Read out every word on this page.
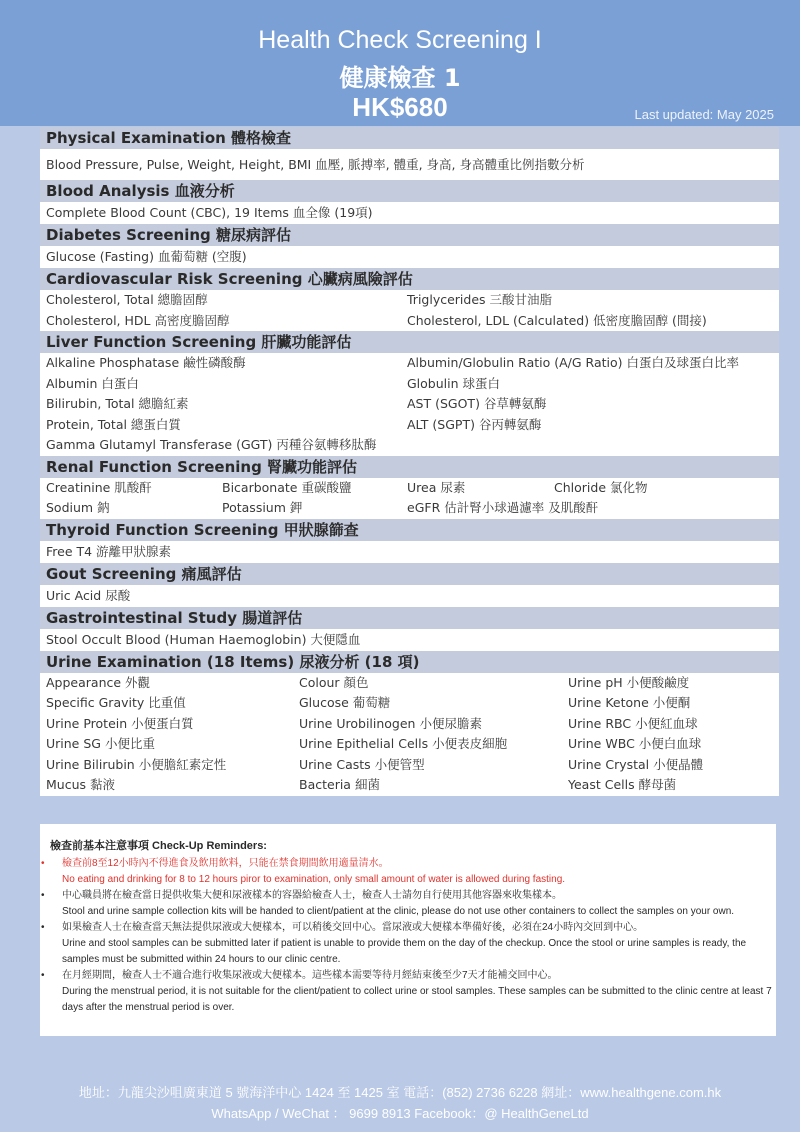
Health Check Screening I
健康檢查 1
HK$680	Last updated: May 2025
Physical Examination 體格檢查
Blood Pressure, Pulse, Weight, Height, BMI 血壓, 脈搏率, 體重, 身高, 身高體重比例指數分析
Blood Analysis 血液分析
Complete Blood Count (CBC), 19 Items 血全像 (19項)
Diabetes Screening 糖尿病評估
Glucose (Fasting) 血葡萄糖 (空腹)
Cardiovascular Risk Screening 心臟病風險評估
Cholesterol, Total 總膽固醇	Triglycerides 三酸甘油脂
Cholesterol, HDL 高密度膽固醇	Cholesterol, LDL (Calculated) 低密度膽固醇 (間接)
Liver Function Screening 肝臟功能評估
Alkaline Phosphatase 鹼性磷酸酶	Albumin/Globulin Ratio (A/G Ratio) 白蛋白及球蛋白比率
Albumin 白蛋白	Globulin 球蛋白
Bilirubin, Total 總膽紅素	AST (SGOT) 谷草轉氨酶
Protein, Total 總蛋白質	ALT (SGPT) 谷丙轉氨酶
Gamma Glutamyl Transferase (GGT) 丙種谷氨轉移肽酶
Renal Function Screening 腎臟功能評估
Creatinine 肌酸酐	Bicarbonate 重碳酸鹽	Urea 尿素	Chloride 氯化物
Sodium 鈉	Potassium 鉀	eGFR 估計腎小球過濾率 及肌酸酐
Thyroid Function Screening 甲狀腺篩查
Free T4 游離甲狀腺素
Gout Screening 痛風評估
Uric Acid 尿酸
Gastrointestinal Study 腸道評估
Stool Occult Blood (Human Haemoglobin) 大便隱血
Urine Examination (18 Items) 尿液分析 (18 項)
Appearance 外觀	Colour 顏色	Urine pH 小便酸鹼度
Specific Gravity 比重值	Glucose 葡萄糖	Urine Ketone 小便酮
Urine Protein 小便蛋白質	Urine Urobilinogen 小便尿膽素	Urine RBC 小便紅血球
Urine SG 小便比重	Urine Epithelial Cells 小便表皮細胞	Urine WBC 小便白血球
Urine Bilirubin 小便膽紅素定性	Urine Casts 小便管型	Urine Crystal 小便晶體
Mucus 黏液	Bacteria 細菌	Yeast Cells 酵母菌
檢查前基本注意事項 Check-Up Reminders:
• 檢查前8至12小時內不得進食及飲用飲料，只能在禁食期間飲用適量清水。
No eating and drinking for 8 to 12 hours piror to examination, only small amount of water is allowed during fasting.
• 中心職員將在檢查當日提供收集大便和尿液樣本的容器給檢查人士，檢查人士請勿自行使用其他容器來收集樣本。
Stool and urine sample collection kits will be handed to client/patient at the clinic, please do not use other containers to collect the samples on your own.
• 如果檢查人士在檢查當天無法提供尿液或大便樣本，可以稍後交回中心。當尿液或大便樣本準備好後，必須在24小時內交回到中心。
Urine and stool samples can be submitted later if patient is unable to provide them on the day of the checkup. Once the stool or urine samples is ready, the samples must be submitted within 24 hours to our clinic centre.
• 在月經期間，檢查人士不適合進行收集尿液或大便樣本。這些樣本需要等待月經結束後至少7天才能補交回中心。
During the menstrual period, it is not suitable for the client/patient to collect urine or stool samples. These samples can be submitted to the clinic centre at least 7 days after the menstrual period is over.
地址：九龍尖沙咀廣東道 5 號海洋中心 1424 至 1425 室 電話：(852) 2736 6228 網址：www.healthgene.com.hk
WhatsApp / WeChat ： 9699 8913 Facebook：@ HealthGeneLtd
